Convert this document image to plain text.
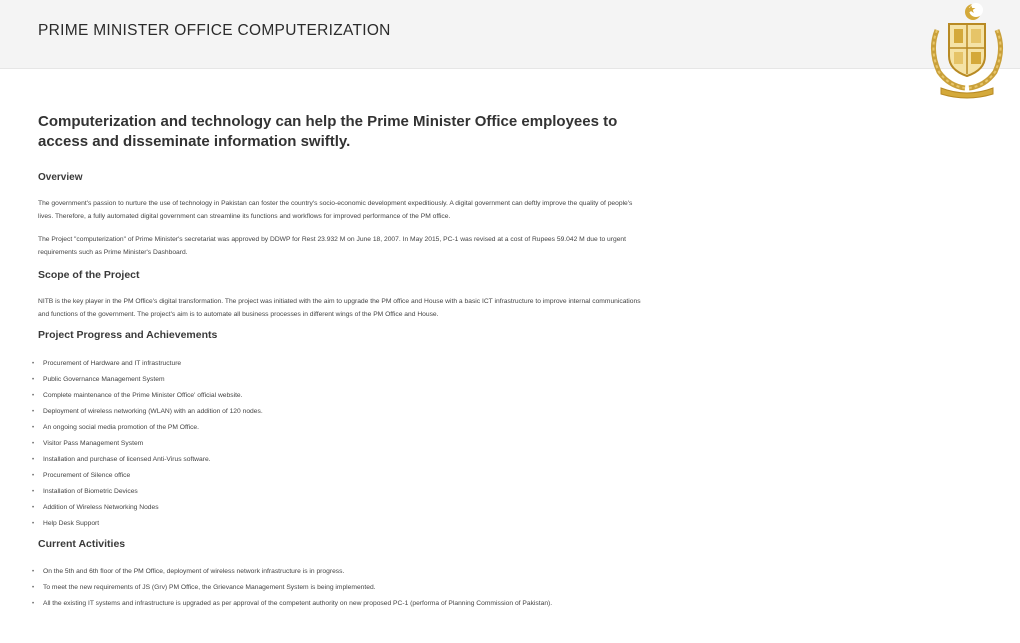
PRIME MINISTER OFFICE COMPUTERIZATION
Computerization and technology can help the Prime Minister Office employees to access and disseminate information swiftly.
Overview

The government's passion to nurture the use of technology in Pakistan can foster the country's socio-economic development expeditiously. A digital government can deftly improve the quality of people's lives. Therefore, a fully automated digital government can streamline its functions and workflows for improved performance of the PM office.

The Project "computerization" of Prime Minister's secretariat was approved by DDWP for Rest 23.932 M on June 18, 2007. In May 2015, PC-1 was revised at a cost of Rupees 59.042 M due to urgent requirements such as Prime Minister's Dashboard.

Scope of the Project

NITB is the key player in the PM Office's digital transformation. The project was initiated with the aim to upgrade the PM office and House with a basic ICT infrastructure to improve internal communications and functions of the government. The project's aim is to automate all business processes in different wings of the PM Office and House.

Project Progress and Achievements
• Procurement of Hardware and IT infrastructure
• Public Governance Management System
• Complete maintenance of the Prime Minister Office' official website.
• Deployment of wireless networking (WLAN) with an addition of 120 nodes.
• An ongoing social media promotion of the PM Office.
• Visitor Pass Management System
• Installation and purchase of licensed Anti-Virus software.
• Procurement of Silence office
• Installation of Biometric Devices
• Addition of Wireless Networking Nodes
• Help Desk Support
Current Activities
• On the 5th and 6th floor of the PM Office, deployment of wireless network infrastructure is in progress.
• To meet the new requirements of JS (Grv) PM Office, the Grievance Management System is being implemented.
• All the existing IT systems and infrastructure is upgraded as per approval of the competent authority on new proposed PC-1 (performa of Planning Commission of Pakistan).
